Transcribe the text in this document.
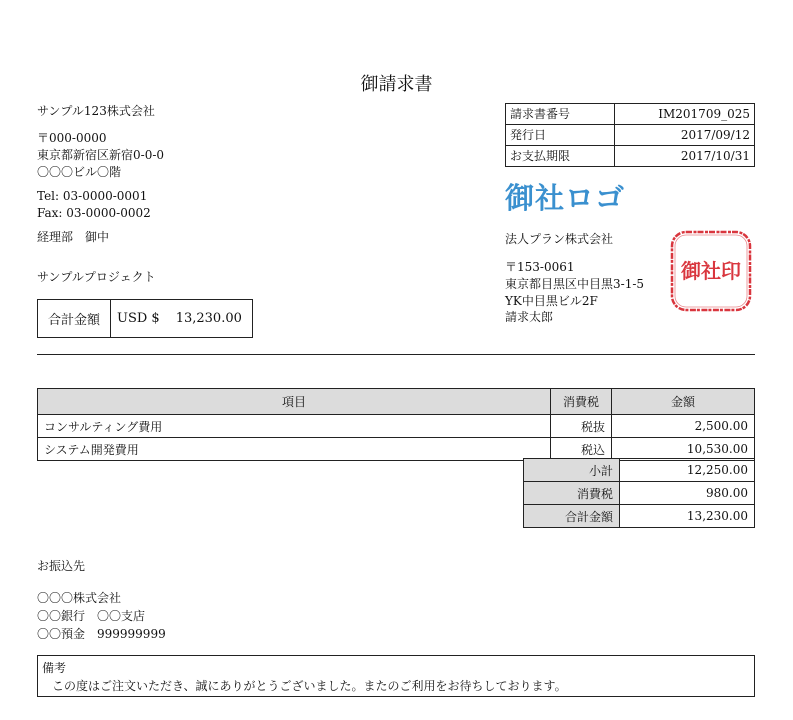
御請求書
サンプル123株式会社
〒000-0000
東京都新宿区新宿0-0-0
〇〇〇ビル〇階
Tel: 03-0000-0001
Fax: 03-0000-0002
経理部　御中
サンプルプロジェクト
合計金額	USD $ 13,230.00
請求書番号	IM201709_025
発行日	2017/09/12
お支払期限	2017/10/31
御社ロゴ
法人プラン株式会社
〒153-0061
東京都目黒区中目黒3-1-5
YK中目黒ビル2F
請求太郎
御社印
項目	消費税	金額
コンサルティング費用	税抜	2,500.00
システム開発費用	税込	10,530.00
小計	12,250.00
消費税	980.00
合計金額	13,230.00
お振込先
〇〇〇株式会社
〇〇銀行　〇〇支店
〇〇預金　999999999
備考
この度はご注文いただき、誠にありがとうございました。またのご利用をお待ちしております。
